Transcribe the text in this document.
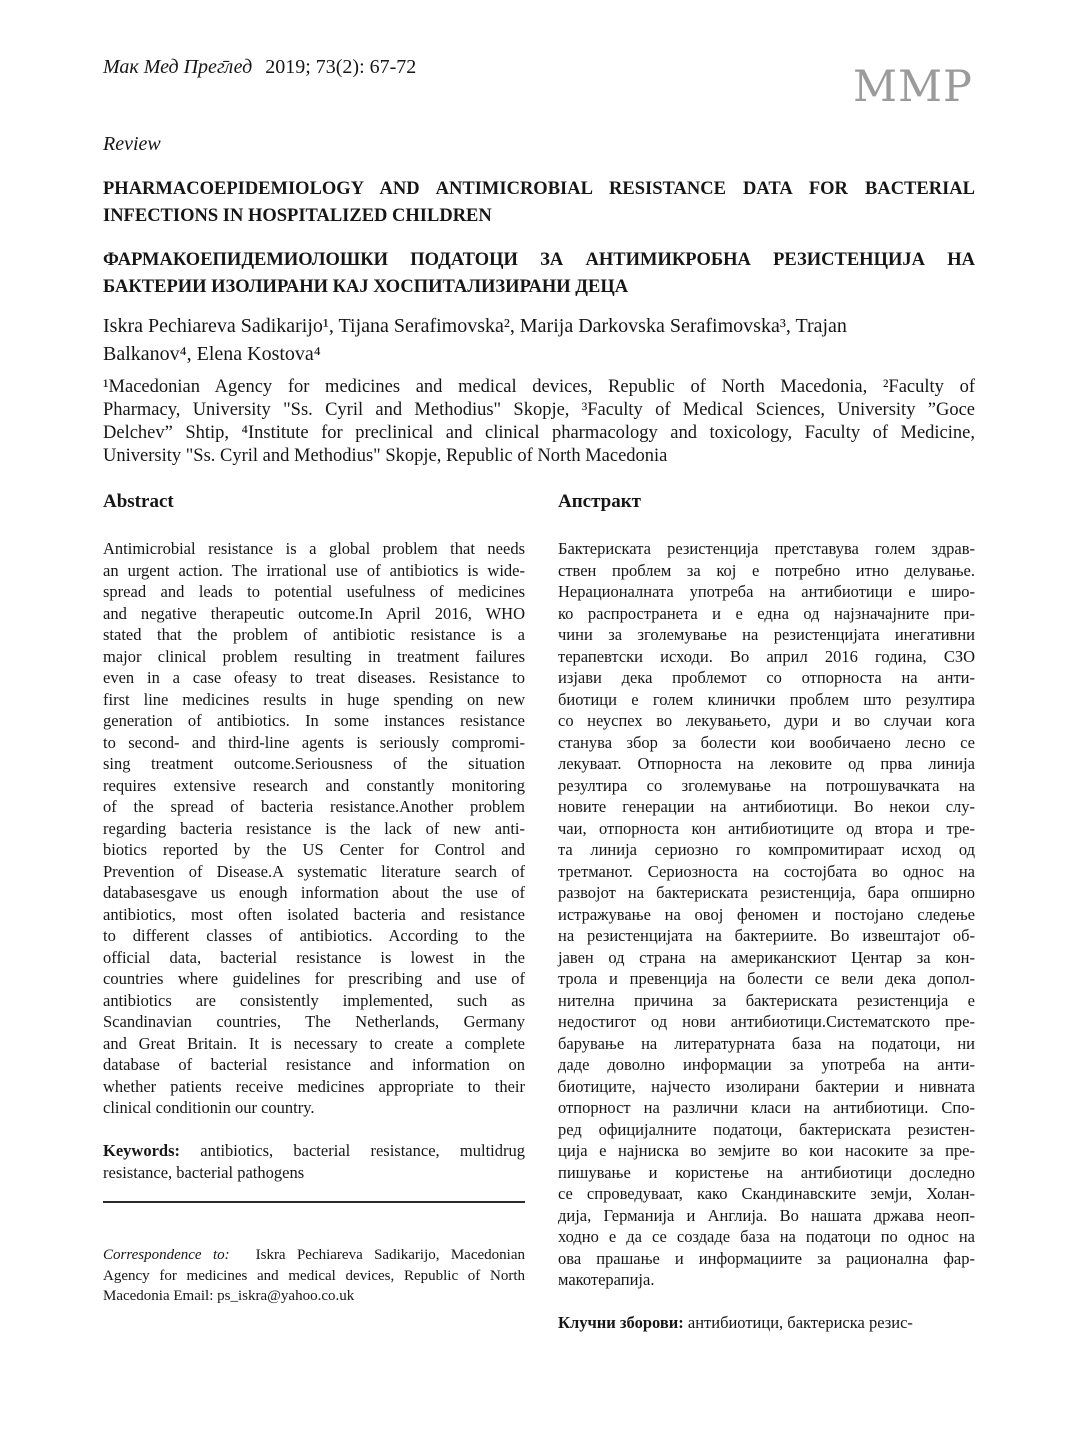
Мак Мед Прег̄лед 2019; 73(2): 67-72	MMP
Review
PHARMACOEPIDEMIOLOGY AND ANTIMICROBIAL RESISTANCE DATA FOR BACTERIAL
INFECTIONS IN HOSPITALIZED CHILDREN
ФАРМАКОЕПИДЕМИОЛОШКИ ПОДАТОЦИ ЗА АНТИМИКРОБНА РЕЗИСТЕНЦИЈА НА
БАКТЕРИИ ИЗОЛИРАНИ КАЈ ХОСПИТАЛИЗИРАНИ ДЕЦА
Iskra Pechiareva Sadikarijo¹, Tijana Serafimovska², Marija Darkovska Serafimovska³, Trajan
Balkanov⁴, Elena Kostova⁴
¹Macedonian Agency for medicines and medical devices, Republic of North Macedonia, ²Faculty of
Pharmacy, University "Ss. Cyril and Methodius" Skopje, ³Faculty of Medical Sciences, University ”Goce
Delchev” Shtip, ⁴Institute for preclinical and clinical pharmacology and toxicology, Faculty of Medicine,
University "Ss. Cyril and Methodius" Skopje, Republic of North Macedonia
Abstract
Antimicrobial resistance is a global problem that needs
an urgent action. The irrational use of antibiotics is wide-
spread and leads to potential usefulness of medicines
and negative therapeutic outcome.In April 2016, WHO
stated that the problem of antibiotic resistance is a
major clinical problem resulting in treatment failures
even in a case ofeasy to treat diseases. Resistance to
first line medicines results in huge spending on new
generation of antibiotics. In some instances resistance
to second- and third-line agents is seriously compromi-
sing treatment outcome.Seriousness of the situation
requires extensive research and constantly monitoring
of the spread of bacteria resistance.Another problem
regarding bacteria resistance is the lack of new anti-
biotics reported by the US Center for Control and
Prevention of Disease.A systematic literature search of
databasesgave us enough information about the use of
antibiotics, most often isolated bacteria and resistance
to different classes of antibiotics. According to the
official data, bacterial resistance is lowest in the
countries where guidelines for prescribing and use of
antibiotics are consistently implemented, such as
Scandinavian countries, The Netherlands, Germany
and Great Britain. It is necessary to create a complete
database of bacterial resistance and information on
whether patients receive medicines appropriate to their
clinical conditionin our country.

Keywords: antibiotics, bacterial resistance, multidrug resistance, bacterial pathogens

Correspondence to: Iskra Pechiareva Sadikarijo, Macedonian
Agency for medicines and medical devices, Republic of North
Macedonia Email: ps_iskra@yahoo.co.uk
Апстракт
Бактериската резистенција претставува голем здрав-
ствен проблем за кој е потребно итно делување.
Нерационалната употреба на антибиотици е широ-
ко распространета и е една од најзначајните при-
чини за зголемување на резистенцијата инегативни
терапевтски исходи. Во април 2016 година, СЗО
изјави дека проблемот со отпорноста на анти-
биотици е голем клинички проблем што резултира
со неуспех во лекувањето, дури и во случаи кога
станува збор за болести кои вообичаено лесно се
лекуваат. Отпорноста на лековите од прва линија
резултира со зголемување на потрошувачката на
новите генерации на антибиотици. Во некои слу-
чаи, отпорноста кон антибиотиците од втора и тре-
та линија сериозно го компромитираат исход од
третманот. Сериозноста на состојбата во однос на
развојот на бактериската резистенција, бара опширно
истражување на овој феномен и постојано следење
на резистенцијата на бактериите. Во извештајот об-
јавен од страна на американскиот Центар за кон-
трола и превенција на болести се вели дека допол-
нителна причина за бактериската резистенција е
недостигот од нови антибиотици.Систематското пре-
барување на литературната база на податоци, ни
даде доволно информации за употреба на анти-
биотиците, најчесто изолирани бактерии и нивната
отпорност на различни класи на антибиотици. Спо-
ред официјалните податоци, бактериската резистен-
ција е најниска во земјите во кои насоките за пре-
пишување и користење на антибиотици доследно
се спроведуваат, како Скандинавските земји, Холан-
дија, Германија и Англија. Во нашата држава неоп-
ходно е да се создаде база на податоци по однос на
ова прашање и информациите за рационална фар-
макотерапија.

Клучни зборови: антибиотици, бактериска резис-
